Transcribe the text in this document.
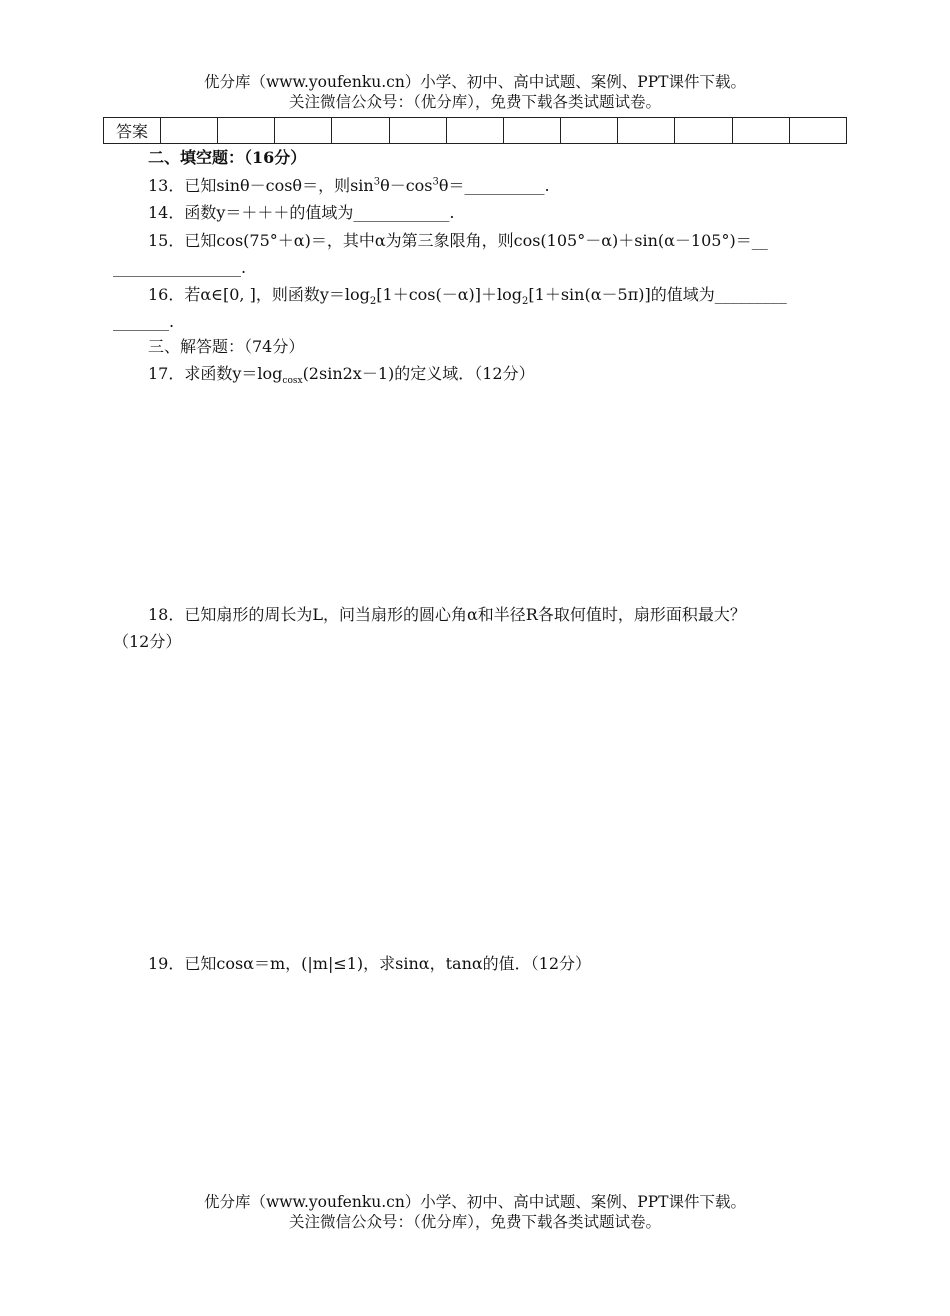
优分库（www.youfenku.cn）小学、初中、高中试题、案例、PPT课件下载。
关注微信公众号：（优分库），免费下载各类试题试卷。
答案												
二、填空题：（16分）
13．已知sinθ－cosθ＝，则$\sin^3\theta-\cos^3\theta=\_\_\_\_\_\_\_\_\_\_$.
14．函数y＝＋＋＋的值域为____________.
15．已知cos(75°＋α)＝，其中α为第三象限角，则cos(105°－α)＋sin(α－105°)＝__
________________.
16．若α∈[0, ]，则函数$y=\log_2[1+\cos(-\alpha)]+\log_2[1+\sin(\alpha-5\pi)]$的值域为_________
_______.
三、解答题：（74分）
17．求函数$y=\log_{cosx}(2\sin 2x-1)$的定义域．（12分）
18．已知扇形的周长为L，问当扇形的圆心角α和半径R各取何值时，扇形面积最大？
（12分）
19．已知cosα＝m，(|m|≤1)，求sinα，tanα的值．（12分）
优分库（www.youfenku.cn）小学、初中、高中试题、案例、PPT课件下载。
关注微信公众号：（优分库），免费下载各类试题试卷。
